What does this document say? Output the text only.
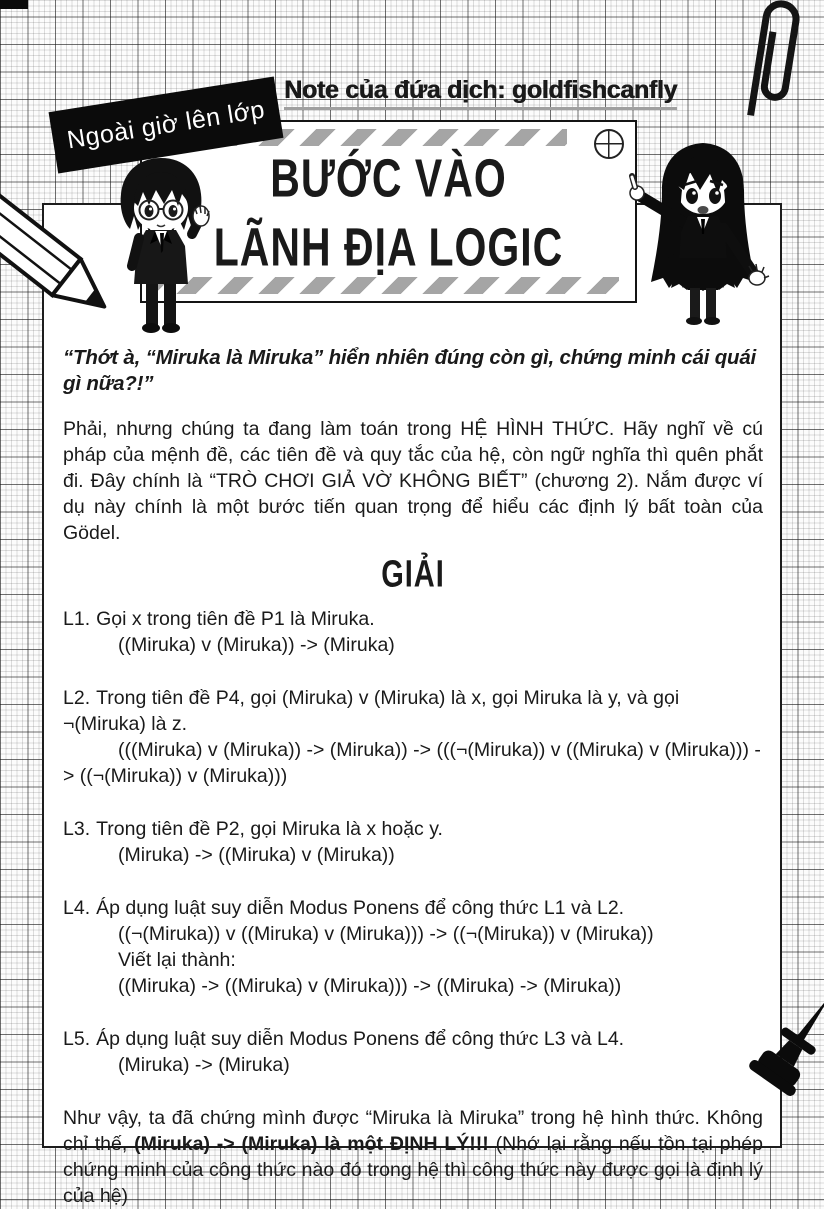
“Thớt à, “Miruka là Miruka” hiển nhiên đúng còn gì, chứng minh cái quái gì nữa?!”

Phải, nhưng chúng ta đang làm toán trong HỆ HÌNH THỨC. Hãy nghĩ về cú pháp của mệnh đề, các tiên đề và quy tắc của hệ, còn ngữ nghĩa thì quên phắt đi. Đây chính là “TRÒ CHƠI GIẢ VỜ KHÔNG BIẾT” (chương 2). Nắm được ví dụ này chính là một bước tiến quan trọng để hiểu các định lý bất toàn của Gödel.

GIẢI

L1. Gọi x trong tiên đề P1 là Miruka.

((Miruka) v (Miruka)) -> (Miruka)

L2. Trong tiên đề P4, gọi (Miruka) v (Miruka) là x, gọi Miruka là y, và gọi ¬(Miruka) là z.

(((Miruka) v (Miruka)) -> (Miruka)) -> (((¬(Miruka)) v ((Miruka) v (Miruka))) -> ((¬(Miruka)) v (Miruka)))

L3. Trong tiên đề P2, gọi Miruka là x hoặc y.

(Miruka) -> ((Miruka) v (Miruka))

L4. Áp dụng luật suy diễn Modus Ponens để công thức L1 và L2.

((¬(Miruka)) v ((Miruka) v (Miruka))) -> ((¬(Miruka)) v (Miruka))

Viết lại thành:

((Miruka) -> ((Miruka) v (Miruka))) -> ((Miruka) -> (Miruka))

L5. Áp dụng luật suy diễn Modus Ponens để công thức L3 và L4.

(Miruka) -> (Miruka)

Như vậy, ta đã chứng mình được “Miruka là Miruka” trong hệ hình thức. Không chỉ thế, (Miruka) -> (Miruka) là một ĐỊNH LÝ!!! (Nhớ lại rằng nếu tồn tại phép chứng minh của công thức nào đó trong hệ thì công thức này được gọi là định lý của hệ)

BƯỚC VÀO
LÃNH ĐỊA LOGIC
Ngoài giờ lên lớp
Note của đứa dịch: goldfishcanfly
